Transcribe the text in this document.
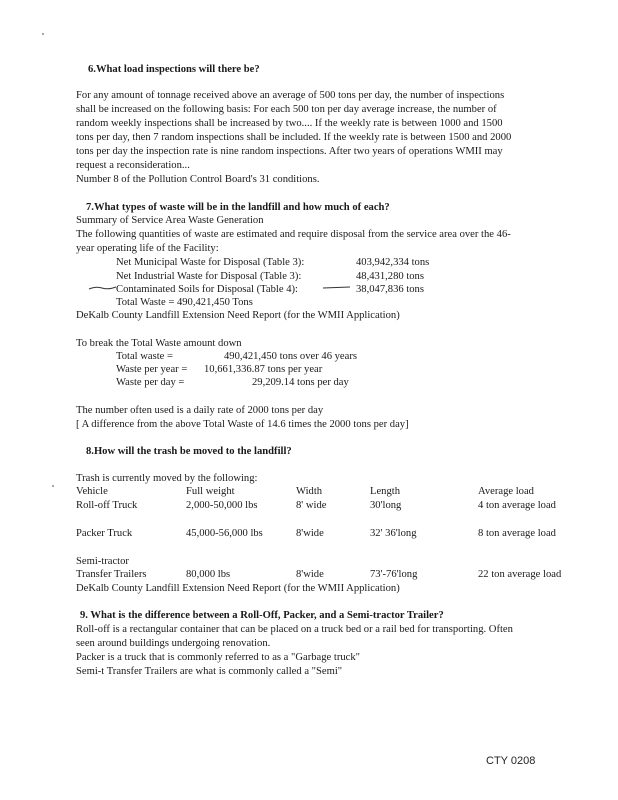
6.What load inspections will there be?
For any amount of tonnage received above an average of 500 tons per day, the number of inspections
shall be increased on the following basis: For each 500 ton per day average increase, the number of
random weekly inspections shall be increased by two.... If the weekly rate is between 1000 and 1500
tons per day, then 7 random inspections shall be included. If the weekly rate is between 1500 and 2000
tons per day the inspection rate is nine random inspections. After two years of operations WMII may
request a reconsideration...
Number 8 of the Pollution Control Board's 31 conditions.
7.What types of waste will be in the landfill and how much of each?
Summary of Service Area Waste Generation
The following quantities of waste are estimated and require disposal from the service area over the 46-
year operating life of the Facility:
Net Municipal Waste for Disposal (Table 3):	403,942,334 tons
Net Industrial Waste for Disposal (Table 3):	48,431,280 tons
Contaminated Soils for Disposal (Table 4):	38,047,836 tons
Total Waste = 490,421,450 Tons
DeKalb County Landfill Extension Need Report (for the WMII Application)
To break the Total Waste amount down
Total waste =	490,421,450 tons over 46 years
Waste per year = 10,661,336.87 tons per year
Waste per day =	29,209.14 tons per day
The number often used is a daily rate of 2000 tons per day
[ A difference from the above Total Waste of 14.6 times the 2000 tons per day]
8.How will the trash be moved to the landfill?
Trash is currently moved by the following:
Vehicle	Full weight	Width	Length	Average load
Roll-off Truck	2,000-50,000 lbs	8' wide	30'long	4 ton average load
Packer Truck	45,000-56,000 lbs	8'wide	32' 36'long	8 ton average load
Semi-tractor
Transfer Trailers	80,000 lbs	8'wide	73'-76'long	22 ton average load
DeKalb County Landfill Extension Need Report (for the WMII Application)
9. What is the difference between a Roll-Off, Packer, and a Semi-tractor Trailer?
Roll-off is a rectangular container that can be placed on a truck bed or a rail bed for transporting. Often
seen around buildings undergoing renovation.
Packer is a truck that is commonly referred to as a "Garbage truck"
Semi-t Transfer Trailers are what is commonly called a "Semi"
CTY 0208
